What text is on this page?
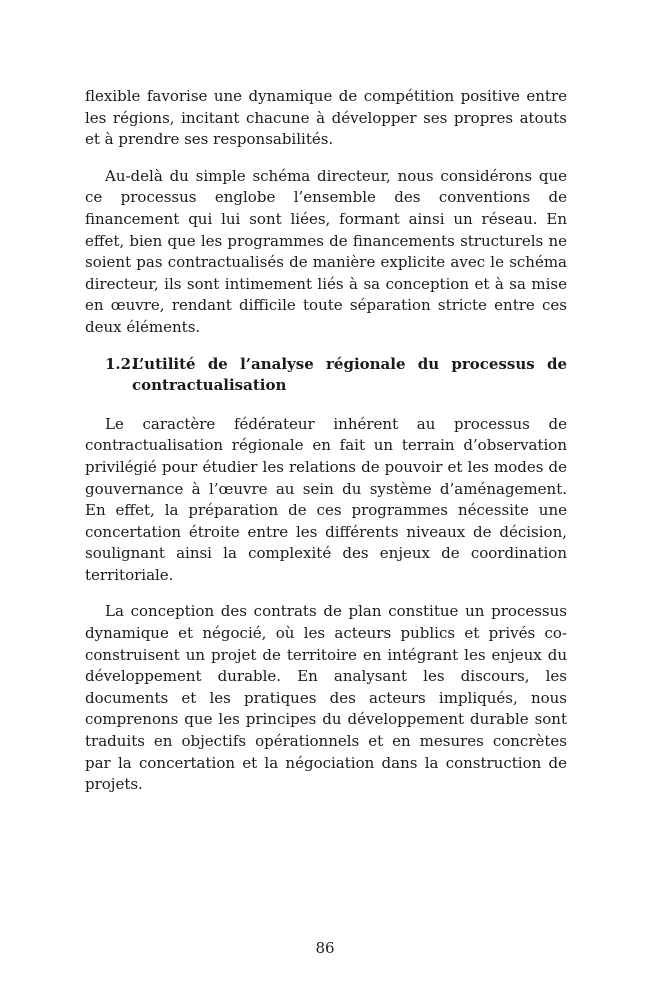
flexible favorise une dynamique de compétition positive entre les régions, incitant chacune à développer ses propres atouts et à prendre ses responsabilités.

Au-delà du simple schéma directeur, nous considérons que ce processus englobe l’ensemble des conventions de financement qui lui sont liées, formant ainsi un réseau. En effet, bien que les programmes de financements structurels ne soient pas contractualisés de manière explicite avec le schéma directeur, ils sont intimement liés à sa conception et à sa mise en œuvre, rendant difficile toute séparation stricte entre ces deux éléments.

1.2.
L’utilité de l’analyse régionale du processus de contractualisation

Le caractère fédérateur inhérent au processus de contractualisation régionale en fait un terrain d’observation privilégié pour étudier les relations de pouvoir et les modes de gouvernance à l’œuvre au sein du système d’aménagement. En effet, la préparation de ces programmes nécessite une concertation étroite entre les différents niveaux de décision, soulignant ainsi la complexité des enjeux de coordination territoriale.

La conception des contrats de plan constitue un processus dynamique et négocié, où les acteurs publics et privés co-construisent un projet de territoire en intégrant les enjeux du développement durable. En analysant les discours, les documents et les pratiques des acteurs impliqués, nous comprenons que les principes du développement durable sont traduits en objectifs opérationnels et en mesures concrètes par la concertation et la négociation dans la construction de projets.

86
